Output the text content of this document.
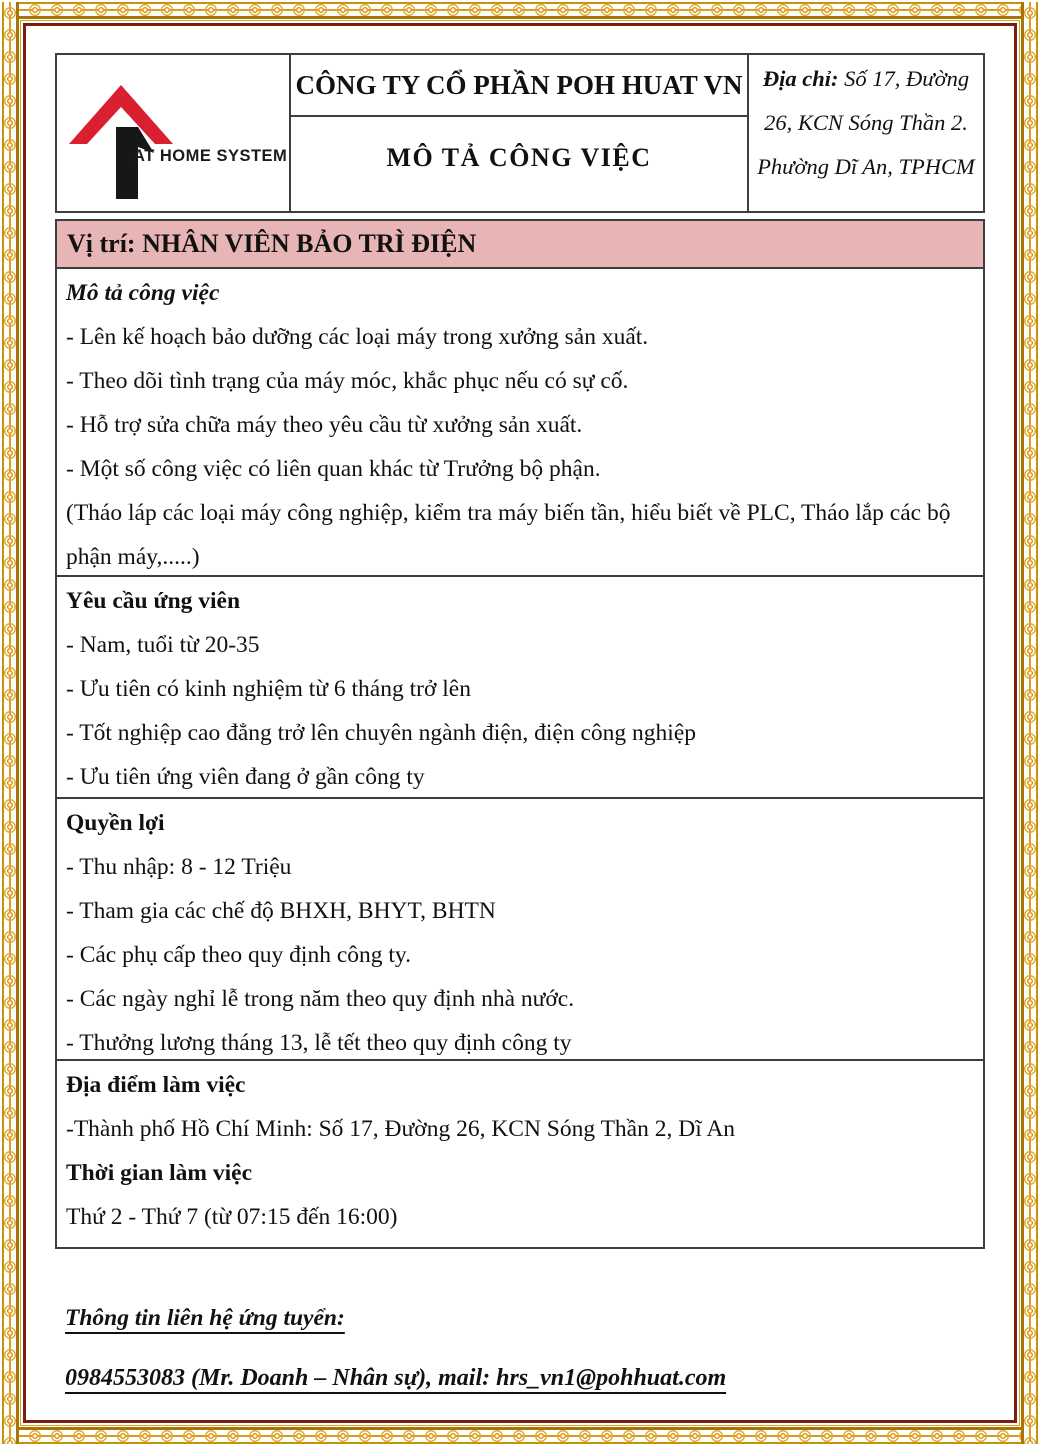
AT HOME SYSTEM
CÔNG TY CỔ PHẦN POH HUAT VN
MÔ TẢ CÔNG VIỆC
Địa chỉ: Số 17, Đường 26, KCN Sóng Thần 2. Phường Dĩ An, TPHCM
Vị trí: NHÂN VIÊN BẢO TRÌ ĐIỆN

Mô tả công việc

- Lên kế hoạch bảo dưỡng các loại máy trong xưởng sản xuất.

- Theo dõi tình trạng của máy móc, khắc phục nếu có sự cố.

- Hỗ trợ sửa chữa máy theo yêu cầu từ xưởng sản xuất.

- Một số công việc có liên quan khác từ Trưởng bộ phận.

(Tháo láp các loại máy công nghiệp, kiểm tra máy biến tần, hiểu biết về PLC, Tháo lắp các bộ phận máy,.....)

Yêu cầu ứng viên

- Nam, tuổi từ 20-35

- Ưu tiên có kinh nghiệm từ 6 tháng trở lên

- Tốt nghiệp cao đẳng trở lên chuyên ngành điện, điện công nghiệp

- Ưu tiên ứng viên đang ở gần công ty

Quyền lợi

- Thu nhập: 8 - 12 Triệu

- Tham gia các chế độ BHXH, BHYT, BHTN

- Các phụ cấp theo quy định công ty.

- Các ngày nghỉ lễ trong năm theo quy định nhà nước.

- Thưởng lương tháng 13, lễ tết theo quy định công ty

Địa điểm làm việc

-Thành phố Hồ Chí Minh: Số 17, Đường 26, KCN Sóng Thần 2, Dĩ An

Thời gian làm việc

Thứ 2 - Thứ 7 (từ 07:15 đến 16:00)

Thông tin liên hệ ứng tuyển:

0984553083 (Mr. Doanh – Nhân sự), mail: hrs_vn1@pohhuat.com
